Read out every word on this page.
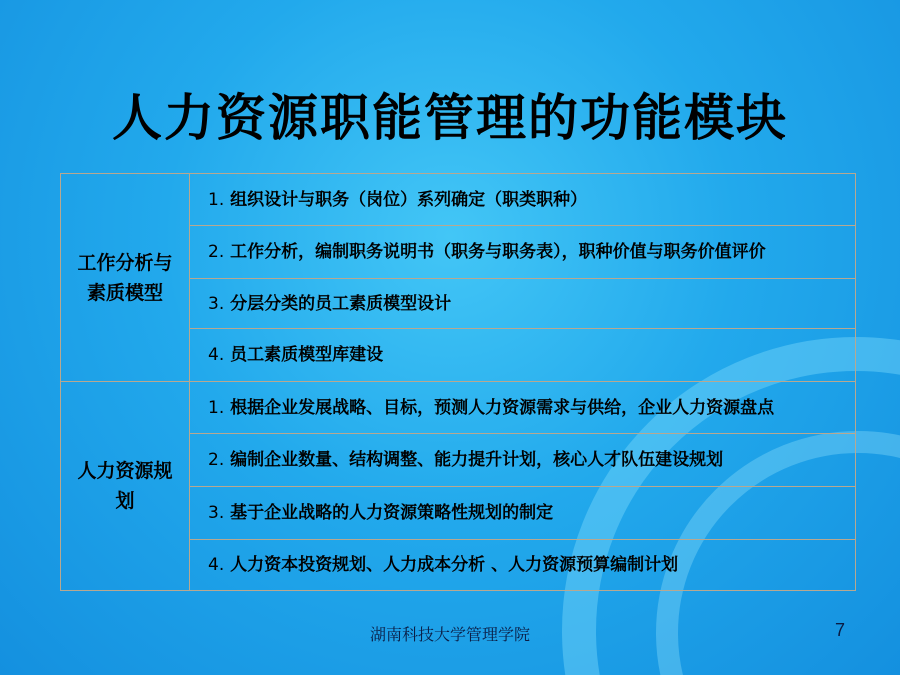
人力资源职能管理的功能模块
工作分析与素质模型	1. 组织设计与职务（岗位）系列确定（职类职种）
	2. 工作分析，编制职务说明书（职务与职务表），职种价值与职务价值评价
	3. 分层分类的员工素质模型设计
	4. 员工素质模型库建设
人力资源规划	1. 根据企业发展战略、目标，预测人力资源需求与供给，企业人力资源盘点
	2. 编制企业数量、结构调整、能力提升计划，核心人才队伍建设规划
	3. 基于企业战略的人力资源策略性规划的制定
	4. 人力资本投资规划、人力成本分析 、人力资源预算编制计划
湖南科技大学管理学院	7
